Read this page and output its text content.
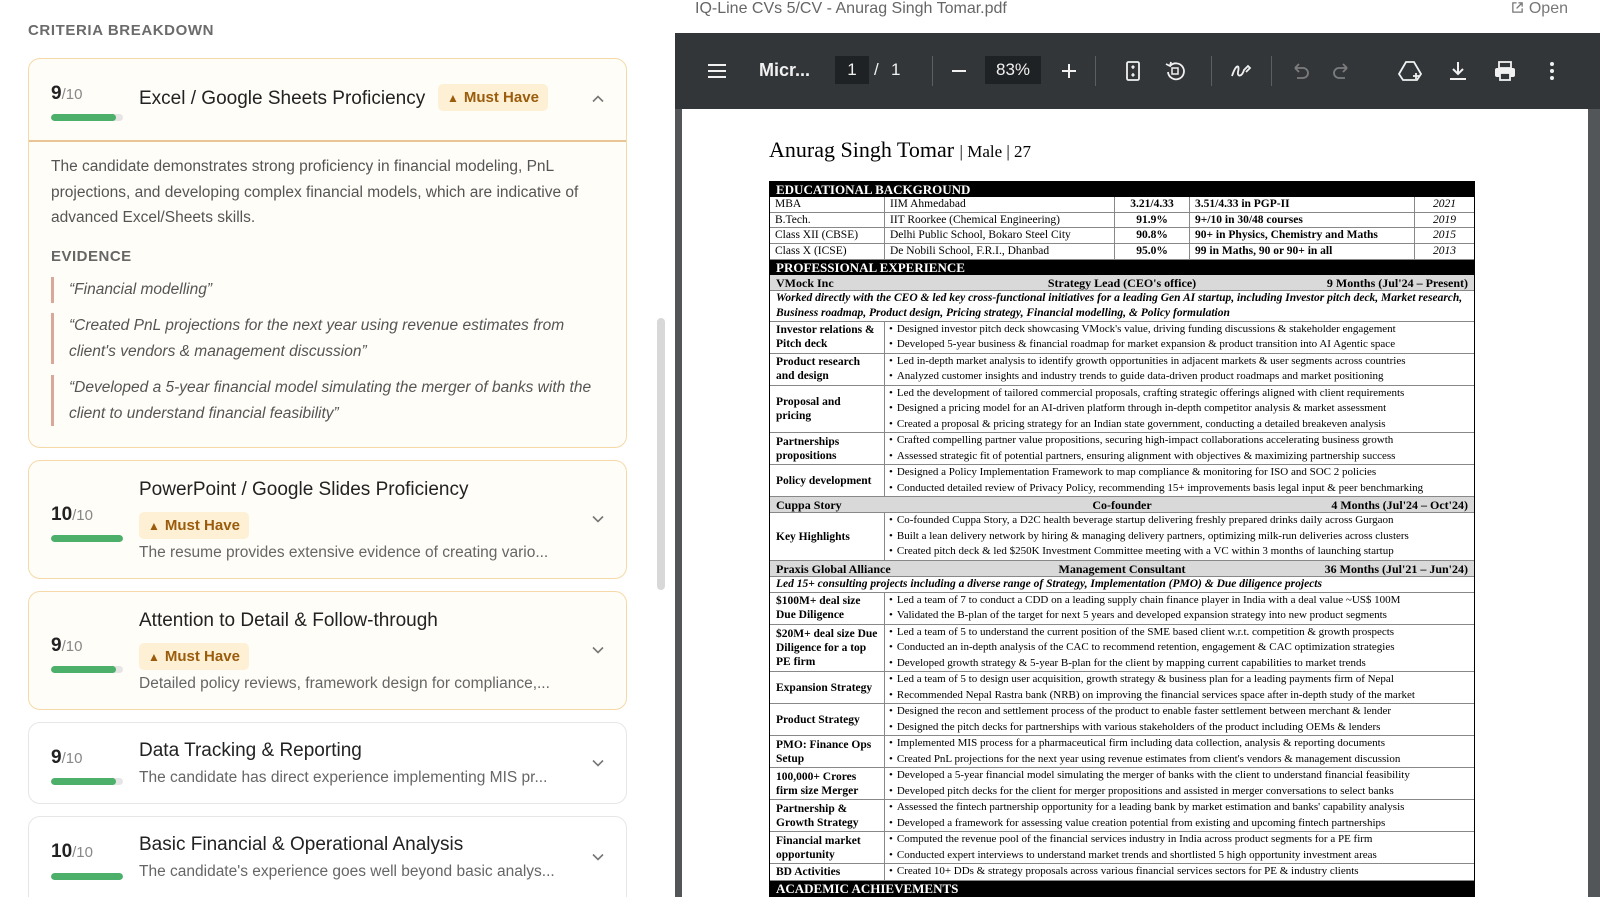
CRITERIA BREAKDOWN
9/10	Excel / Google Sheets Proficiency	▲ Must Have
The candidate demonstrates strong proficiency in financial modeling, PnL projections, and developing complex financial models, which are indicative of advanced Excel/Sheets skills.
EVIDENCE
“Financial modelling”
“Created PnL projections for the next year using revenue estimates from client's vendors & management discussion”
“Developed a 5-year financial model simulating the merger of banks with the client to understand financial feasibility”
10/10
PowerPoint / Google Slides Proficiency
▲ Must Have
The resume provides extensive evidence of creating vario...
9/10
Attention to Detail & Follow-through
▲ Must Have
Detailed policy reviews, framework design for compliance,...
9/10	Data Tracking & Reporting
The candidate has direct experience implementing MIS pr...
10/10 Basic Financial & Operational Analysis
The candidate's experience goes well beyond basic analys...
IQ-Line CVs 5/CV - Anurag Singh Tomar.pdf	Open
Micr...	1	/ 1	83%
Anurag Singh Tomar | Male | 27
EDUCATIONAL BACKGROUND
MBA	IIM Ahmedabad	3.21/4.33	3.51/4.33 in PGP-II	2021
B.Tech.	IIT Roorkee (Chemical Engineering)	91.9%	9+/10 in 30/48 courses	2019
Class XII (CBSE)	Delhi Public School, Bokaro Steel City	90.8%	90+ in Physics, Chemistry and Maths	2015
Class X (ICSE)	De Nobili School, F.R.I., Dhanbad	95.0%	99 in Maths, 90 or 90+ in all	2013
PROFESSIONAL EXPERIENCE
VMock Inc	Strategy Lead (CEO's office)	9 Months (Jul'24 – Present)
Worked directly with the CEO & led key cross-functional initiatives for a leading Gen AI startup, including Investor pitch deck, Market research, Business roadmap, Product design, Pricing strategy, Financial modelling, & Policy formulation
Investor relations & Pitch deck
• Designed investor pitch deck showcasing VMock's value, driving funding discussions & stakeholder engagement
• Developed 5-year business & financial roadmap for market expansion & product transition into AI Agentic space
Product research and design
• Led in-depth market analysis to identify growth opportunities in adjacent markets & user segments across countries
• Analyzed customer insights and industry trends to guide data-driven product roadmaps and market positioning
Proposal and pricing
• Led the development of tailored commercial proposals, crafting strategic offerings aligned with client requirements
• Designed a pricing model for an AI-driven platform through in-depth competitor analysis & market assessment
• Created a proposal & pricing strategy for an Indian state government, conducting a detailed breakeven analysis
Partnerships propositions
• Crafted compelling partner value propositions, securing high-impact collaborations accelerating business growth
• Assessed strategic fit of potential partners, ensuring alignment with objectives & maximizing partnership success
Policy development
• Designed a Policy Implementation Framework to map compliance & monitoring for ISO and SOC 2 policies
• Conducted detailed review of Privacy Policy, recommending 15+ improvements basis legal input & peer benchmarking
Cuppa Story	Co-founder	4 Months (Jul'24 – Oct'24)
Key Highlights
• Co-founded Cuppa Story, a D2C health beverage startup delivering freshly prepared drinks daily across Gurgaon
• Built a lean delivery network by hiring & managing delivery partners, optimizing milk-run deliveries across clusters
• Created pitch deck & led $250K Investment Committee meeting with a VC within 3 months of launching startup
Praxis Global Alliance	Management Consultant	36 Months (Jul'21 – Jun'24)
Led 15+ consulting projects including a diverse range of Strategy, Implementation (PMO) & Due diligence projects
$100M+ deal size Due Diligence
• Led a team of 7 to conduct a CDD on a leading supply chain finance player in India with a deal value ~US$ 100M
• Validated the B-plan of the target for next 5 years and developed expansion strategy into new product segments
$20M+ deal size Due Diligence for a top PE firm
• Led a team of 5 to understand the current position of the SME based client w.r.t. competition & growth prospects
• Conducted an in-depth analysis of the CAC to recommend retention, engagement & CAC optimization strategies
• Developed growth strategy & 5-year B-plan for the client by mapping current capabilities to market trends
Expansion Strategy
• Led a team of 5 to design user acquisition, growth strategy & business plan for a leading payments firm of Nepal
• Recommended Nepal Rastra bank (NRB) on improving the financial services space after in-depth study of the market
Product Strategy
• Designed the recon and settlement process of the product to enable faster settlement between merchant & lender
• Designed the pitch decks for partnerships with various stakeholders of the product including OEMs & lenders
PMO: Finance Ops Setup
• Implemented MIS process for a pharmaceutical firm including data collection, analysis & reporting documents
• Created PnL projections for the next year using revenue estimates from client's vendors & management discussion
100,000+ Crores firm size Merger
• Developed a 5-year financial model simulating the merger of banks with the client to understand financial feasibility
• Developed pitch decks for the client for merger propositions and assisted in merger conversations to select banks
Partnership & Growth Strategy
• Assessed the fintech partnership opportunity for a leading bank by market estimation and banks' capability analysis
• Developed a framework for assessing value creation potential from existing and upcoming fintech partnerships
Financial market opportunity
• Computed the revenue pool of the financial services industry in India across product segments for a PE firm
• Conducted expert interviews to understand market trends and shortlisted 5 high opportunity investment areas
BD Activities
•	Created 10+ DDs & strategy proposals across various financial services sectors for PE & industry clients
ACADEMIC ACHIEVEMENTS
